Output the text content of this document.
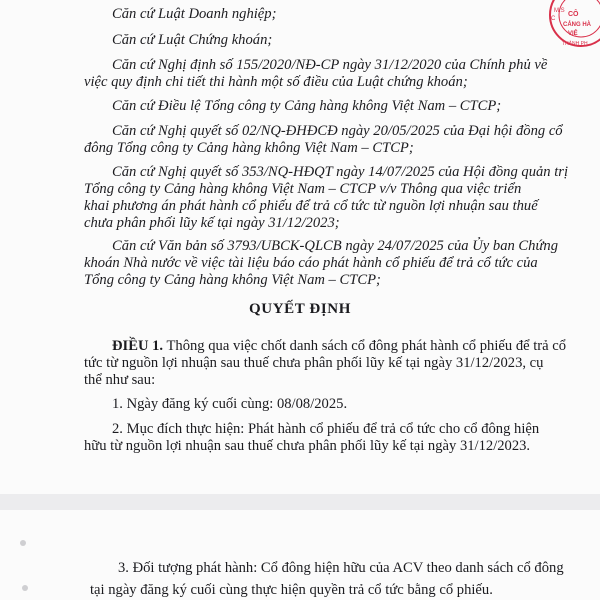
Căn cứ Luật Doanh nghiệp;
Căn cứ Luật Chứng khoán;
Căn cứ Nghị định số 155/2020/NĐ-CP ngày 31/12/2020 của Chính phủ về
việc quy định chi tiết thi hành một số điều của Luật chứng khoán;
Căn cứ Điều lệ Tổng công ty Cảng hàng không Việt Nam – CTCP;
Căn cứ Nghị quyết số 02/NQ-ĐHĐCĐ ngày 20/05/2025 của Đại hội đồng cổ
đông Tổng công ty Cảng hàng không Việt Nam – CTCP;
Căn cứ Nghị quyết số 353/NQ-HĐQT ngày 14/07/2025 của Hội đồng quản trị
Tổng công ty Cảng hàng không Việt Nam – CTCP v/v Thông qua việc triển
khai phương án phát hành cổ phiếu để trả cổ tức từ nguồn lợi nhuận sau thuế
chưa phân phối lũy kế tại ngày 31/12/2023;
Căn cứ Văn bản số 3793/UBCK-QLCB ngày 24/07/2025 của Ủy ban Chứng
khoán Nhà nước về việc tài liệu báo cáo phát hành cổ phiếu để trả cổ tức của
Tổng công ty Cảng hàng không Việt Nam – CTCP;
QUYẾT ĐỊNH
ĐIỀU 1. Thông qua việc chốt danh sách cổ đông phát hành cổ phiếu để trả cổ
tức từ nguồn lợi nhuận sau thuế chưa phân phối lũy kế tại ngày 31/12/2023, cụ
thể như sau:
1. Ngày đăng ký cuối cùng: 08/08/2025.
2. Mục đích thực hiện: Phát hành cổ phiếu để trả cổ tức cho cổ đông hiện
hữu từ nguồn lợi nhuận sau thuế chưa phân phối lũy kế tại ngày 31/12/2023.
M.S CÔ
CẢNG HÀ
VIỆ
C
THÀNH PH
3. Đối tượng phát hành: Cổ đông hiện hữu của ACV theo danh sách cổ đông
tại ngày đăng ký cuối cùng thực hiện quyền trả cổ tức bằng cổ phiếu.
